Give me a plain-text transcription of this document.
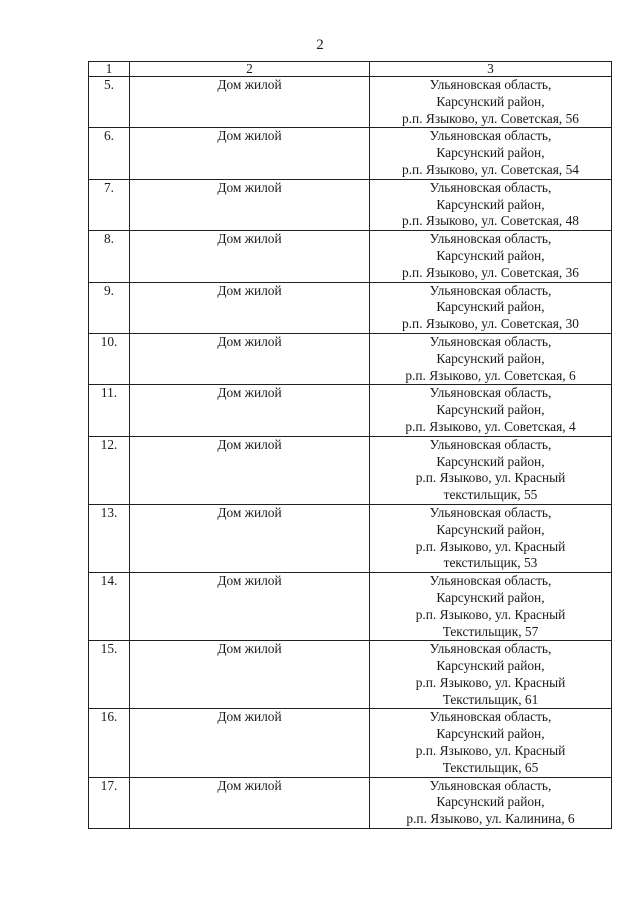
2
1	2	3
5.	Дом жилой	Ульяновская область,
Карсунский район,
р.п. Языково, ул. Советская, 56

6.	Дом жилой	Ульяновская область,
Карсунский район,
р.п. Языково, ул. Советская, 54

7.	Дом жилой	Ульяновская область,
Карсунский район,
р.п. Языково, ул. Советская, 48

8.	Дом жилой	Ульяновская область,
Карсунский район,
р.п. Языково, ул. Советская, 36

9.	Дом жилой	Ульяновская область,
Карсунский район,
р.п. Языково, ул. Советская, 30

10.	Дом жилой	Ульяновская область,
Карсунский район,
р.п. Языково, ул. Советская, 6

11.	Дом жилой	Ульяновская область,
Карсунский район,
р.п. Языково, ул. Советская, 4

12.	Дом жилой	Ульяновская область,
Карсунский район,
р.п. Языково, ул. Красный
текстильщик, 55

13.	Дом жилой	Ульяновская область,
Карсунский район,
р.п. Языково, ул. Красный
текстильщик, 53

14.	Дом жилой	Ульяновская область,
Карсунский район,
р.п. Языково, ул. Красный
Текстильщик, 57

15.	Дом жилой	Ульяновская область,
Карсунский район,
р.п. Языково, ул. Красный
Текстильщик, 61

16.	Дом жилой	Ульяновская область,
Карсунский район,
р.п. Языково, ул. Красный
Текстильщик, 65

17.	Дом жилой	Ульяновская область,
Карсунский район,
р.п. Языково, ул. Калинина, 6
